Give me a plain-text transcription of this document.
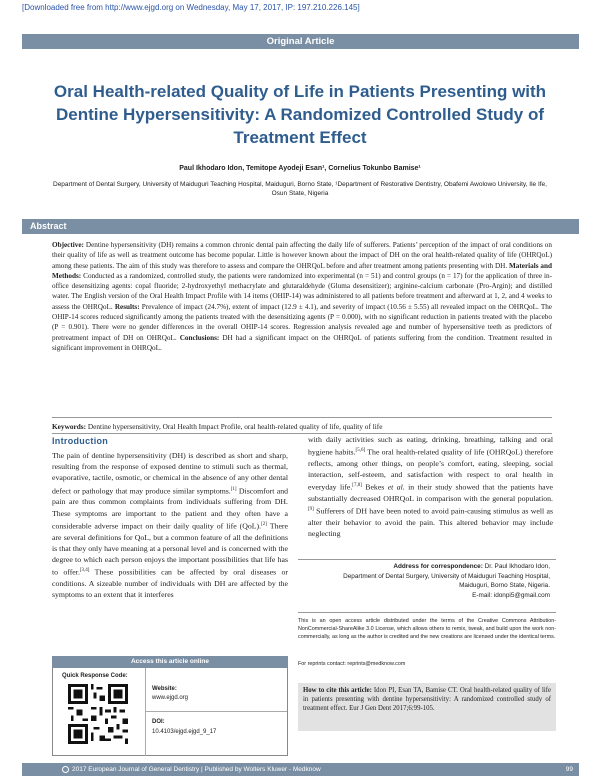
[Downloaded free from http://www.ejgd.org on Wednesday, May 17, 2017, IP: 197.210.226.145]
Original Article
Oral Health-related Quality of Life in Patients Presenting with Dentine Hypersensitivity: A Randomized Controlled Study of Treatment Effect
Paul Ikhodaro Idon, Temitope Ayodeji Esan¹, Cornelius Tokunbo Bamise¹
Department of Dental Surgery, University of Maiduguri Teaching Hospital, Maiduguri, Borno State, ¹Department of Restorative Dentistry, Obafemi Awolowo University, Ile Ife, Osun State, Nigeria
Abstract
Objective: Dentine hypersensitivity (DH) remains a common chronic dental pain affecting the daily life of sufferers. Patients’ perception of the impact of oral conditions on their quality of life as well as treatment outcome has become popular. Little is however known about the impact of DH on the oral health-related quality of life (OHRQoL) among these patients. The aim of this study was therefore to assess and compare the OHRQoL before and after treatment among patients presenting with DH. Materials and Methods: Conducted as a randomized, controlled study, the patients were randomized into experimental (n = 51) and control groups (n = 17) for the application of three in-office desensitizing agents: copal fluoride; 2-hydroxyethyl methacrylate and glutaraldehyde (Gluma desensitizer); arginine-calcium carbonate (Pro-Argin); and distilled water. The English version of the Oral Health Impact Profile with 14 items (OHIP-14) was administered to all patients before treatment and afterward at 1, 2, and 4 weeks to assess the OHRQoL. Results: Prevalence of impact (24.7%), extent of impact (12.9 ± 4.1), and severity of impact (10.56 ± 5.55) all revealed impact on the OHRQoL. The OHIP-14 scores reduced significantly among the patients treated with the desensitizing agents (P = 0.000), with no significant reduction in patients treated with the placebo (P = 0.901). There were no gender differences in the overall OHIP-14 scores. Regression analysis revealed age and number of hypersensitive teeth as predictors of pretreatment impact of DH on OHRQoL. Conclusions: DH had a significant impact on the OHRQoL of patients suffering from the condition. Treatment resulted in significant improvement in OHRQoL.
Keywords: Dentine hypersensitivity, Oral Health Impact Profile, oral health-related quality of life, quality of life
Introduction
The pain of dentine hypersensitivity (DH) is described as short and sharp, resulting from the response of exposed dentine to stimuli such as thermal, evaporative, tactile, osmotic, or chemical in the absence of any other dental defect or pathology that may produce similar symptoms.[1] Discomfort and pain are thus common complaints from individuals suffering from DH. These symptoms are important to the patient and they often have a considerable adverse impact on their daily quality of life (QoL).[2] There are several definitions for QoL, but a common feature of all the definitions is that they only have meaning at a personal level and is concerned with the degree to which each person enjoys the important possibilities that life has to offer.[3,4] These possibilities can be affected by oral diseases or conditions. A sizeable number of individuals with DH are affected by the symptoms to an extent that it interferes
with daily activities such as eating, drinking, breathing, talking and oral hygiene habits.[5,6] The oral health-related quality of life (OHRQoL) therefore reflects, among other things, on people’s comfort, eating, sleeping, social interaction, self-esteem, and satisfaction with respect to oral health in everyday life.[7,8] Bekes et al. in their study showed that the patients have substantially decreased OHRQoL in comparison with the general population.[9] Sufferers of DH have been noted to avoid pain-causing stimulus as well as alter their behavior to avoid the pain. This altered behavior may include neglecting
Access this article online
Quick Response Code:
Website:
www.ejgd.org
DOI:
10.4103/ejgd.ejgd_9_17
Address for correspondence: Dr. Paul Ikhodaro Idon,
Department of Dental Surgery, University of Maiduguri Teaching Hospital,
Maiduguri, Borno State, Nigeria.
E-mail: idonpi5@gmail.com
This is an open access article distributed under the terms of the Creative Commons Attribution-NonCommercial-ShareAlike 3.0 License, which allows others to remix, tweak, and build upon the work non-commercially, as long as the author is credited and the new creations are licensed under the identical terms.
For reprints contact: reprints@medknow.com
How to cite this article: Idon PI, Esan TA, Bamise CT. Oral health-related quality of life in patients presenting with dentine hypersensitivity: A randomized controlled study of treatment effect. Eur J Gen Dent 2017;6:99-105.
2017 European Journal of General Dentistry | Published by Wolters Kluwer - Medknow	99
